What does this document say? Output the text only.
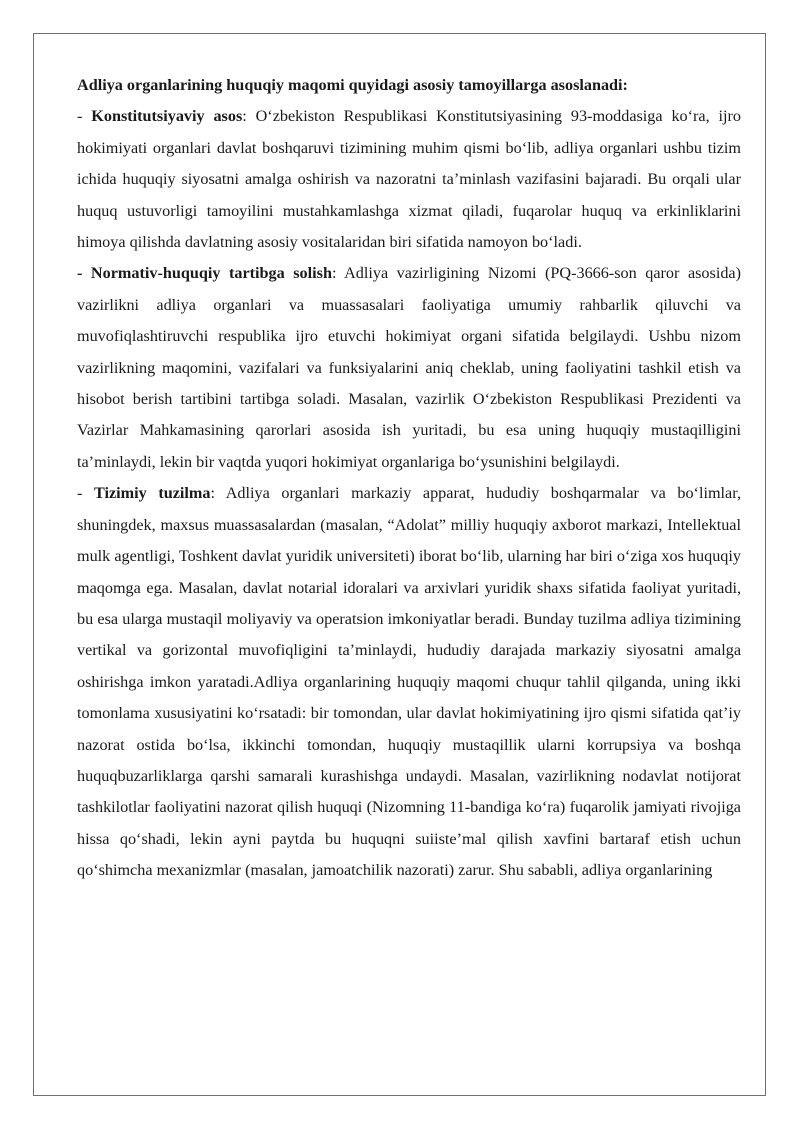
Adliya organlarining huquqiy maqomi quyidagi asosiy tamoyillarga asoslanadi:

- Konstitutsiyaviy asos: O‘zbekiston Respublikasi Konstitutsiyasining 93-moddasiga ko‘ra, ijro hokimiyati organlari davlat boshqaruvi tizimining muhim qismi bo‘lib, adliya organlari ushbu tizim ichida huquqiy siyosatni amalga oshirish va nazoratni ta’minlash vazifasini bajaradi. Bu orqali ular huquq ustuvorligi tamoyilini mustahkamlashga xizmat qiladi, fuqarolar huquq va erkinliklarini himoya qilishda davlatning asosiy vositalaridan biri sifatida namoyon bo‘ladi.

- Normativ-huquqiy tartibga solish: Adliya vazirligining Nizomi (PQ-3666-son qaror asosida) vazirlikni adliya organlari va muassasalari faoliyatiga umumiy rahbarlik qiluvchi va muvofiqlashtiruvchi respublika ijro etuvchi hokimiyat organi sifatida belgilaydi. Ushbu nizom vazirlikning maqomini, vazifalari va funksiyalarini aniq cheklab, uning faoliyatini tashkil etish va hisobot berish tartibini tartibga soladi. Masalan, vazirlik O‘zbekiston Respublikasi Prezidenti va Vazirlar Mahkamasining qarorlari asosida ish yuritadi, bu esa uning huquqiy mustaqilligini ta’minlaydi, lekin bir vaqtda yuqori hokimiyat organlariga bo‘ysunishini belgilaydi.

- Tizimiy tuzilma: Adliya organlari markaziy apparat, hududiy boshqarmalar va bo‘limlar, shuningdek, maxsus muassasalardan (masalan, “Adolat” milliy huquqiy axborot markazi, Intellektual mulk agentligi, Toshkent davlat yuridik universiteti) iborat bo‘lib, ularning har biri o‘ziga xos huquqiy maqomga ega. Masalan, davlat notarial idoralari va arxivlari yuridik shaxs sifatida faoliyat yuritadi, bu esa ularga mustaqil moliyaviy va operatsion imkoniyatlar beradi. Bunday tuzilma adliya tizimining vertikal va gorizontal muvofiqligini ta’minlaydi, hududiy darajada markaziy siyosatni amalga oshirishga imkon yaratadi.Adliya organlarining huquqiy maqomi chuqur tahlil qilganda, uning ikki tomonlama xususiyatini ko‘rsatadi: bir tomondan, ular davlat hokimiyatining ijro qismi sifatida qat’iy nazorat ostida bo‘lsa, ikkinchi tomondan, huquqiy mustaqillik ularni korrupsiya va boshqa huquqbuzarliklarga qarshi samarali kurashishga undaydi. Masalan, vazirlikning nodavlat notijorat tashkilotlar faoliyatini nazorat qilish huquqi (Nizomning 11-bandiga ko‘ra) fuqarolik jamiyati rivojiga hissa qo‘shadi, lekin ayni paytda bu huquqni suiiste’mal qilish xavfini bartaraf etish uchun qo‘shimcha mexanizmlar (masalan, jamoatchilik nazorati) zarur. Shu sababli, adliya organlarining
